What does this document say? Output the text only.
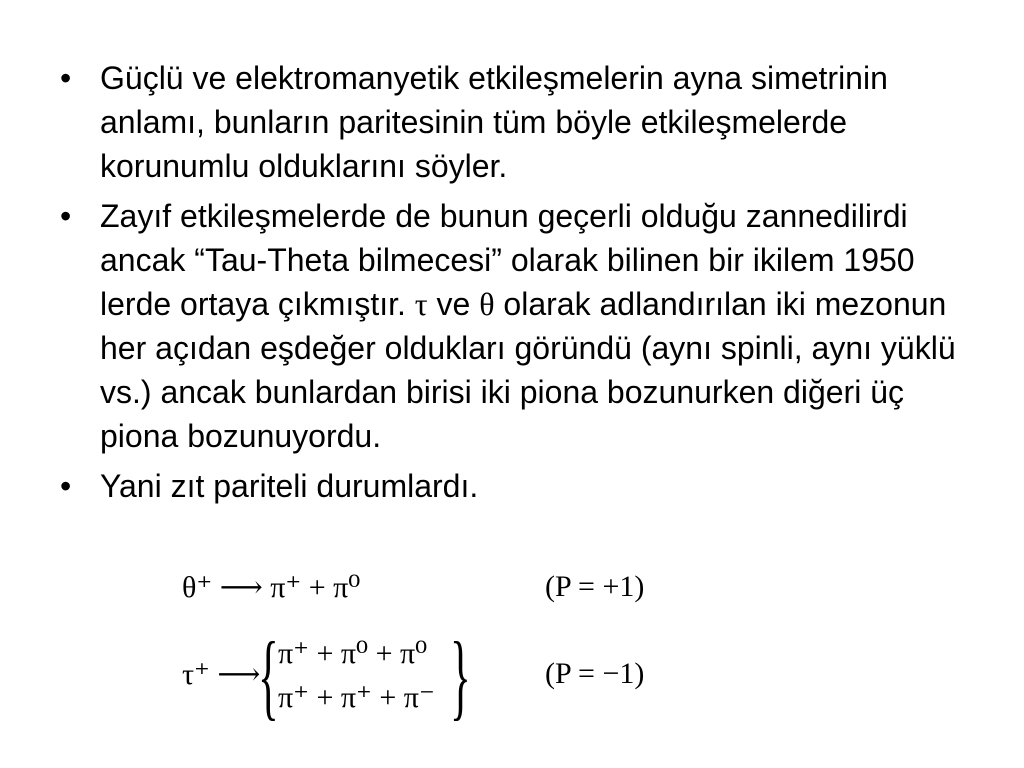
• Güçlü ve elektromanyetik etkileşmelerin ayna simetrinin anlamı, bunların paritesinin tüm böyle etkileşmelerde korunumlu olduklarını söyler.
• Zayıf etkileşmelerde de bunun geçerli olduğu zannedilirdi ancak “Tau-Theta bilmecesi” olarak bilinen bir ikilem 1950 lerde ortaya çıkmıştır. τ ve θ olarak adlandırılan iki mezonun her açıdan eşdeğer oldukları göründü (aynı spinli, aynı yüklü vs.) ancak bunlardan birisi iki piona bozunurken diğeri üç piona bozunuyordu.
• Yani zıt pariteli durumlardı.
θ⁺ ⟶ π⁺ + π⁰	(P = +1)
τ⁺ ⟶
{ π⁺ + π⁰ + π⁰
π⁺ + π⁺ + π⁻ } (P = −1)
